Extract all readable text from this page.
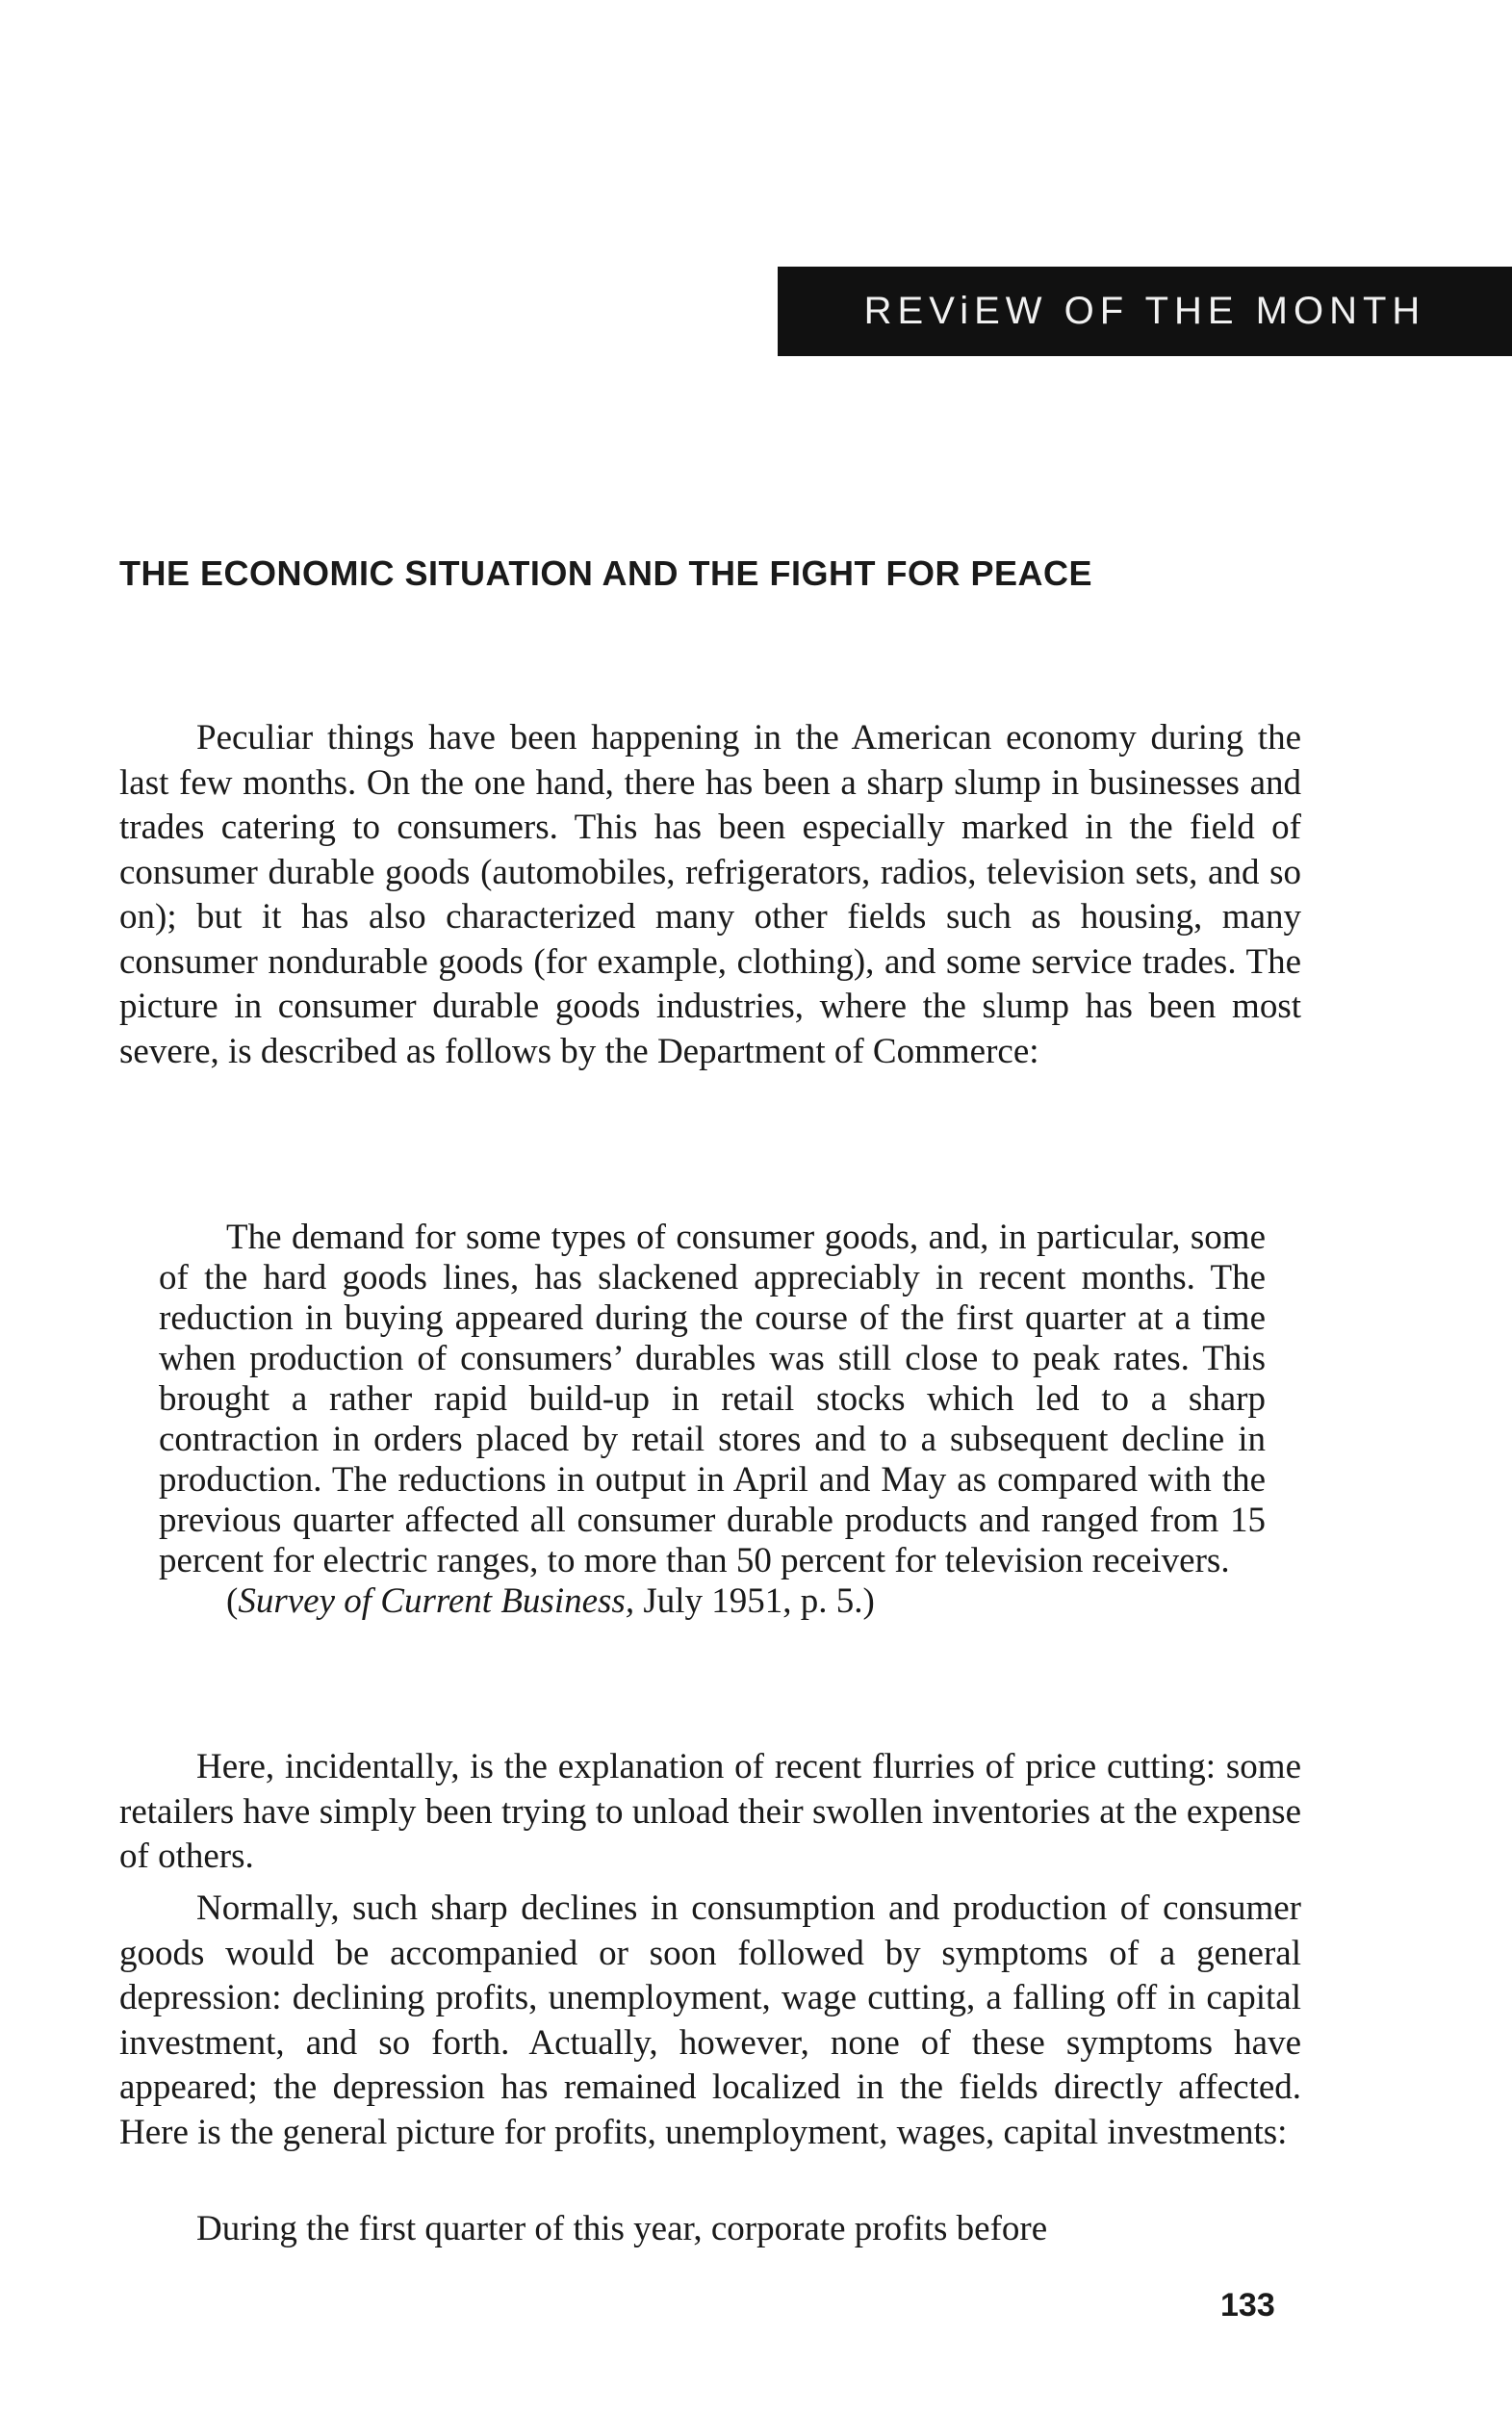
REViEW OF THE MONTH
THE ECONOMIC SITUATION AND THE FIGHT FOR PEACE

Peculiar things have been happening in the American economy during the last few months. On the one hand, there has been a sharp slump in businesses and trades catering to consumers. This has been especially marked in the field of consumer durable goods (automobiles, refrigerators, radios, television sets, and so on); but it has also characterized many other fields such as housing, many consumer nondurable goods (for example, clothing), and some service trades. The picture in consumer durable goods industries, where the slump has been most severe, is described as follows by the Department of Commerce:

The demand for some types of consumer goods, and, in particular, some of the hard goods lines, has slackened appreciably in recent months. The reduction in buying appeared during the course of the first quarter at a time when production of consumers’ durables was still close to peak rates. This brought a rather rapid build-up in retail stocks which led to a sharp contraction in orders placed by retail stores and to a subsequent decline in production. The reductions in output in April and May as compared with the previous quarter affected all consumer durable products and ranged from 15 percent for electric ranges, to more than 50 percent for television receivers.
(Survey of Current Business, July 1951, p. 5.)

Here, incidentally, is the explanation of recent flurries of price cutting: some retailers have simply been trying to unload their swollen inventories at the expense of others.

Normally, such sharp declines in consumption and production of consumer goods would be accompanied or soon followed by symptoms of a general depression: declining profits, unemployment, wage cutting, a falling off in capital investment, and so forth. Actually, however, none of these symptoms have appeared; the depression has remained localized in the fields directly affected. Here is the general picture for profits, unemployment, wages, capital investments:

During the first quarter of this year, corporate profits before

133
